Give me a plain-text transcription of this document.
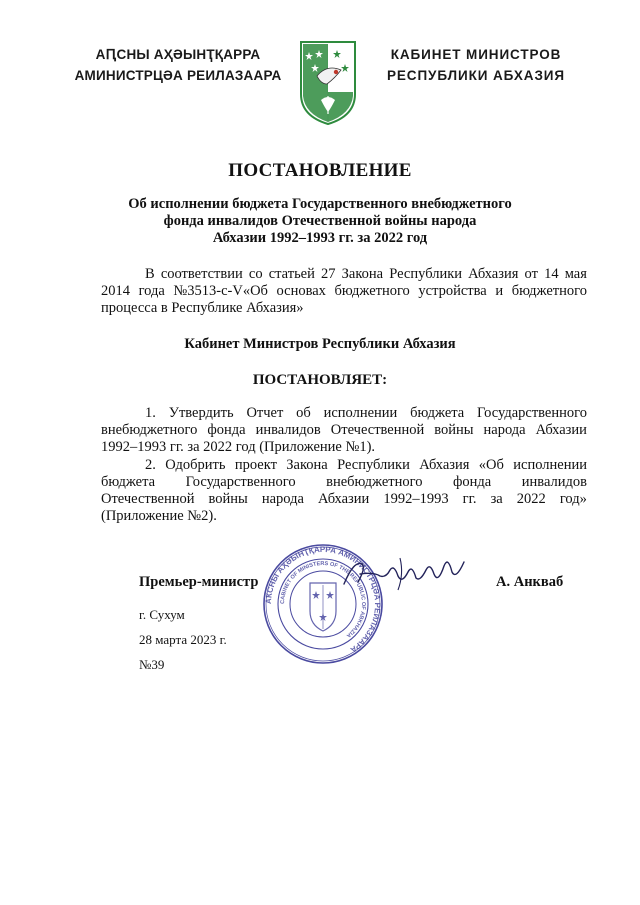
АԤСНЫ АҲӘЫНҬҚАРРА
АМИНИСТРЦӘА РЕИЛАЗААРА
КАБИНЕТ МИНИСТРОВ
РЕСПУБЛИКИ АБХАЗИЯ
ПОСТАНОВЛЕНИЕ
Об исполнении бюджета Государственного внебюджетного
фонда инвалидов Отечественной войны народа
Абхазии 1992–1993 гг. за 2022 год
В соответствии со статьей 27 Закона Республики Абхазия от 14 мая
2014 года №3513-с-V«Об основах бюджетного устройства и бюджетного
процесса в Республике Абхазия»
Кабинет Министров Республики Абхазия
ПОСТАНОВЛЯЕТ:
1. Утвердить Отчет об исполнении бюджета Государственного
внебюджетного фонда инвалидов Отечественной войны народа Абхазии
1992–1993 гг. за 2022 год (Приложение №1).
2. Одобрить проект Закона Республики Абхазия «Об исполнении
бюджета Государственного внебюджетного фонда инвалидов
Отечественной войны народа Абхазии 1992–1993 гг. за 2022 год»
(Приложение №2).
АҞСНЫ АҲӘЫНҬҚАРРА АМИНИСТРЦӘА РЕИЛАЗААРА
CABINET OF MINISTERS OF THE REPUBLIC OF ABKHAZIA
Премьер-министр	А. Анкваб
г. Сухум
28 марта 2023 г.
№39
